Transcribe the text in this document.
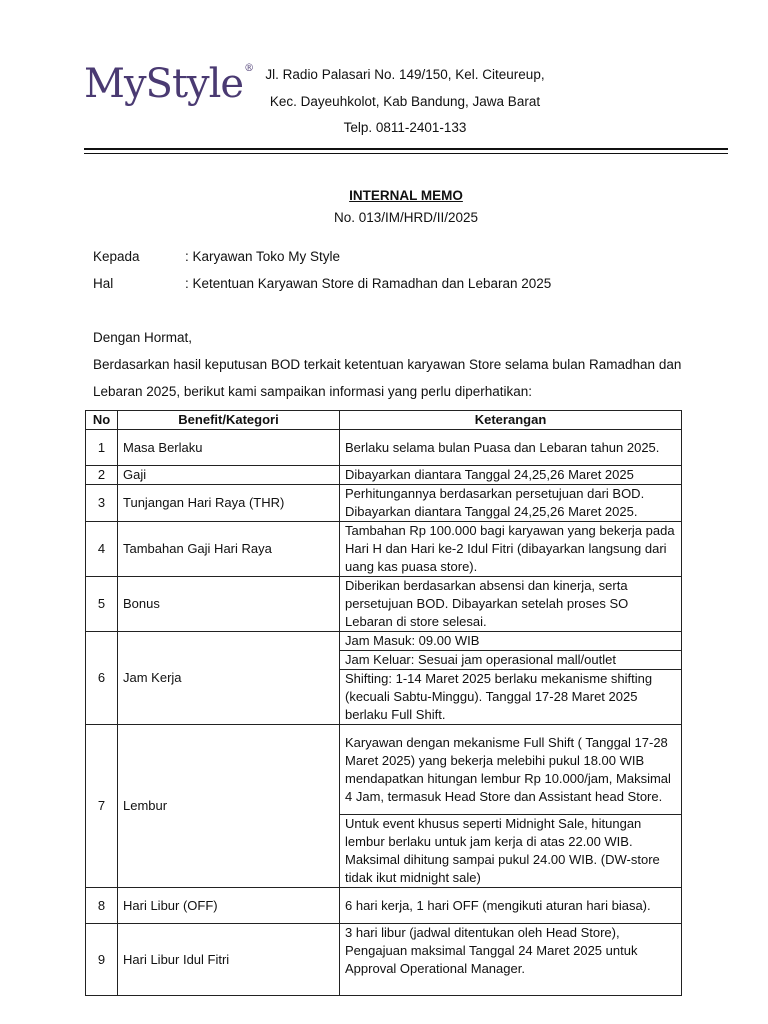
MyStyle® Jl. Radio Palasari No. 149/150, Kel. Citeureup,
Kec. Dayeuhkolot, Kab Bandung, Jawa Barat
Telp. 0811-2401-133
INTERNAL MEMO
No. 013/IM/HRD/II/2025
Kepada	: Karyawan Toko My Style
Hal	: Ketentuan Karyawan Store di Ramadhan dan Lebaran 2025
Dengan Hormat,
Berdasarkan hasil keputusan BOD terkait ketentuan karyawan Store selama bulan Ramadhan dan
Lebaran 2025, berikut kami sampaikan informasi yang perlu diperhatikan:
No	Benefit/Kategori	Keterangan
1	Masa Berlaku	Berlaku selama bulan Puasa dan Lebaran tahun 2025.
2	Gaji	Dibayarkan diantara Tanggal 24,25,26 Maret 2025
3	Tunjangan Hari Raya (THR)	Perhitungannya berdasarkan persetujuan dari BOD. Dibayarkan diantara Tanggal 24,25,26 Maret 2025.
4	Tambahan Gaji Hari Raya	Tambahan Rp 100.000 bagi karyawan yang bekerja pada Hari H dan Hari ke-2 Idul Fitri (dibayarkan langsung dari uang kas puasa store).
5	Bonus	Diberikan berdasarkan absensi dan kinerja, serta persetujuan BOD. Dibayarkan setelah proses SO Lebaran di store selesai.
6	Jam Kerja	Jam Masuk: 09.00 WIB
		Jam Keluar: Sesuai jam operasional mall/outlet
		Shifting: 1-14 Maret 2025 berlaku mekanisme shifting (kecuali Sabtu-Minggu). Tanggal 17-28 Maret 2025 berlaku Full Shift.
7	Lembur	Karyawan dengan mekanisme Full Shift ( Tanggal 17-28 Maret 2025) yang bekerja melebihi pukul 18.00 WIB mendapatkan hitungan lembur Rp 10.000/jam, Maksimal 4 Jam, termasuk Head Store dan Assistant head Store.
		Untuk event khusus seperti Midnight Sale, hitungan lembur berlaku untuk jam kerja di atas 22.00 WIB. Maksimal dihitung sampai pukul 24.00 WIB. (DW-store tidak ikut midnight sale)
8	Hari Libur (OFF)	6 hari kerja, 1 hari OFF (mengikuti aturan hari biasa).
9	Hari Libur Idul Fitri	3 hari libur (jadwal ditentukan oleh Head Store), Pengajuan maksimal Tanggal 24 Maret 2025 untuk Approval Operational Manager.
